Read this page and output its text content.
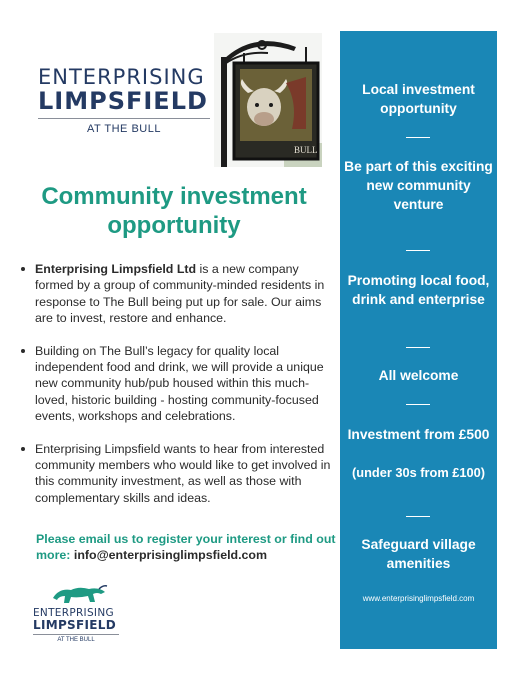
ENTERPRISING
LIMPSFIELD
AT THE BULL
BULL
Community investment opportunity
Enterprising Limpsfield Ltd is a new company formed by a group of community-minded residents in response to The Bull being put up for sale. Our aims are to invest, restore and enhance.
Building on The Bull’s legacy for quality local independent food and drink, we will provide a unique new community hub/pub housed within this much-loved, historic building - hosting community-focused events, workshops and celebrations.
Enterprising Limpsfield wants to hear from interested community members who would like to get involved in this community investment, as well as those with complementary skills and ideas.
Please email us to register your interest or find out more: info@enterprisinglimpsfield.com
ENTERPRISING
LIMPSFIELD
AT THE BULL
Local investment opportunity
Be part of this exciting new community venture
Promoting local food, drink and enterprise
All welcome
Investment from £500
(under 30s from £100)
Safeguard village amenities
www.enterprisinglimpsfield.com
